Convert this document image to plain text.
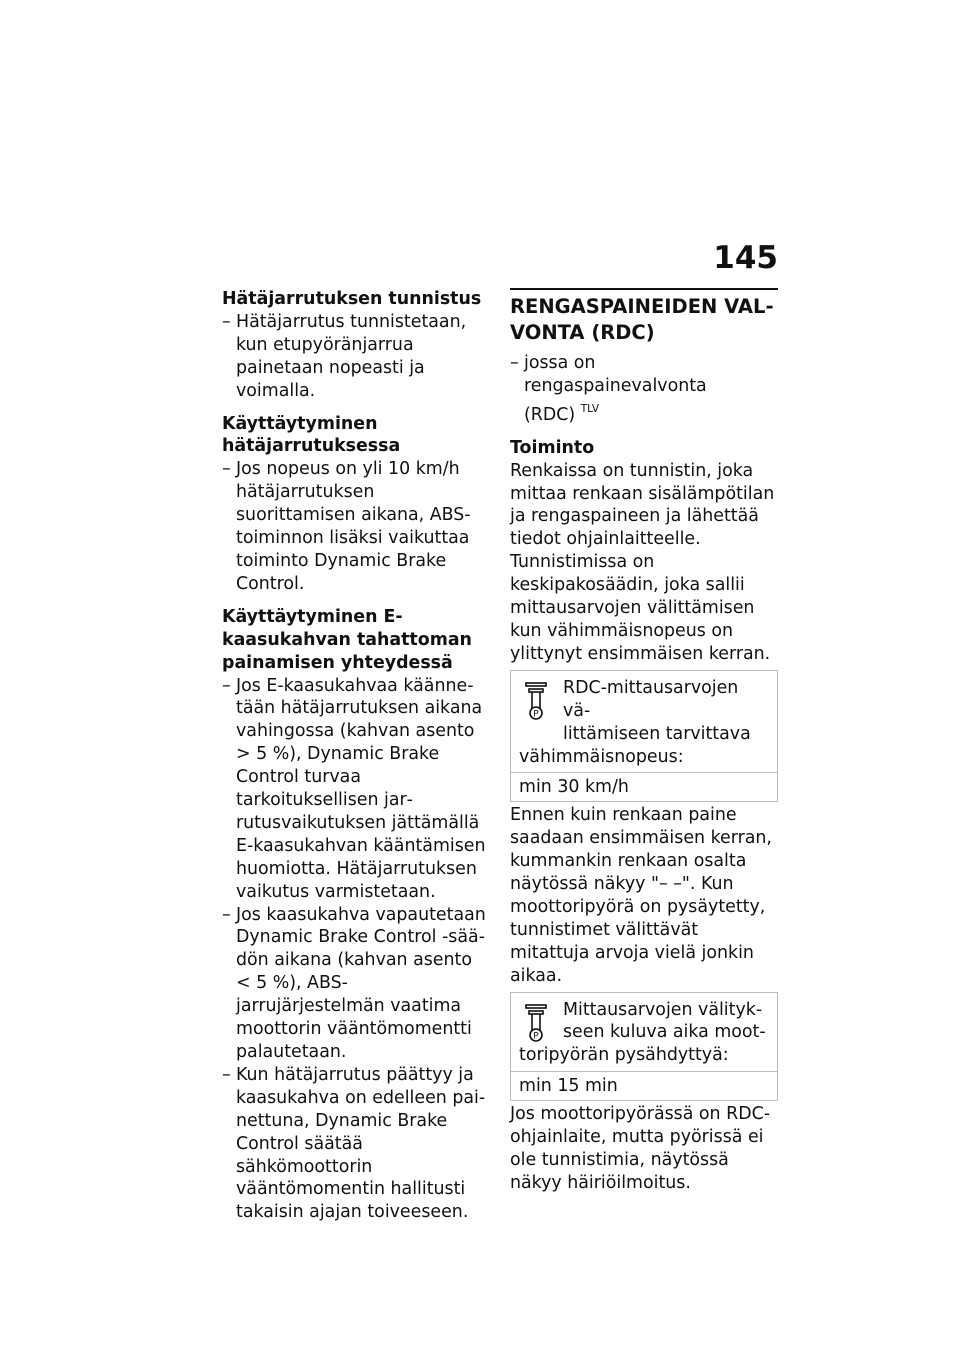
145
Hätäjarrutuksen tunnistus
– Hätäjarrutus tunnistetaan, kun etupyöränjarrua painetaan nopeasti ja voimalla.
Käyttäytyminen
hätäjarrutuksessa
– Jos nopeus on yli 10 km/h hätäjarrutuksen suorittamisen aikana, ABS-toiminnon lisäksi vaikuttaa toiminto Dynamic Brake Control.
Käyttäytyminen E-
kaasukahvan tahattoman
painamisen yhteydessä
– Jos E-kaasukahvaa käännetään hätäjarrutuksen aikana vahingossa (kahvan asento
> 5 %), Dynamic Brake Control turvaa tarkoituksellisen jarrutusvaikutuksen jättämällä E-kaasukahvan kääntämisen huomiotta. Hätäjarrutuksen vaikutus varmistetaan.
– Jos kaasukahva vapautetaan Dynamic Brake Control -säädön aikana (kahvan asento
< 5 %), ABS-jarrujärjestelmän vaatima moottorin vääntömomentti palautetaan.
– Kun hätäjarrutus päättyy ja kaasukahva on edelleen painettuna, Dynamic Brake Control säätää sähkömoottorin vääntömomentin hallitusti takaisin ajajan toiveeseen.
RENGASPAINEIDEN VAL-
VONTA (RDC)
– jossa on rengaspainevalvonta
(RDC) $^{TLV}$
Toiminto
Renkaissa on tunnistin, joka mittaa renkaan sisälämpötilan ja rengaspaineen ja lähettää tiedot ohjainlaitteelle. Tunnistimissa on keskipakosäädin, joka sallii mittausarvojen välittämisen kun vähimmäisnopeus on ylittynyt ensimmäisen kerran.
P
RDC-mittausarvojen vä-
littämiseen tarvittava

vähimmäisnopeus:
min 30 km/h
Ennen kuin renkaan paine saadaan ensimmäisen kerran, kummankin renkaan osalta näytössä näkyy "– –". Kun moottoripyörä on pysäytetty, tunnistimet välittävät mitattuja arvoja vielä jonkin aikaa.
P
Mittausarvojen välityk-
seen kuluva aika moot-

toripyörän pysähdyttyä:
min 15 min
Jos moottoripyörässä on RDC-ohjainlaite, mutta pyörissä ei ole tunnistimia, näytössä näkyy häiriöilmoitus.
